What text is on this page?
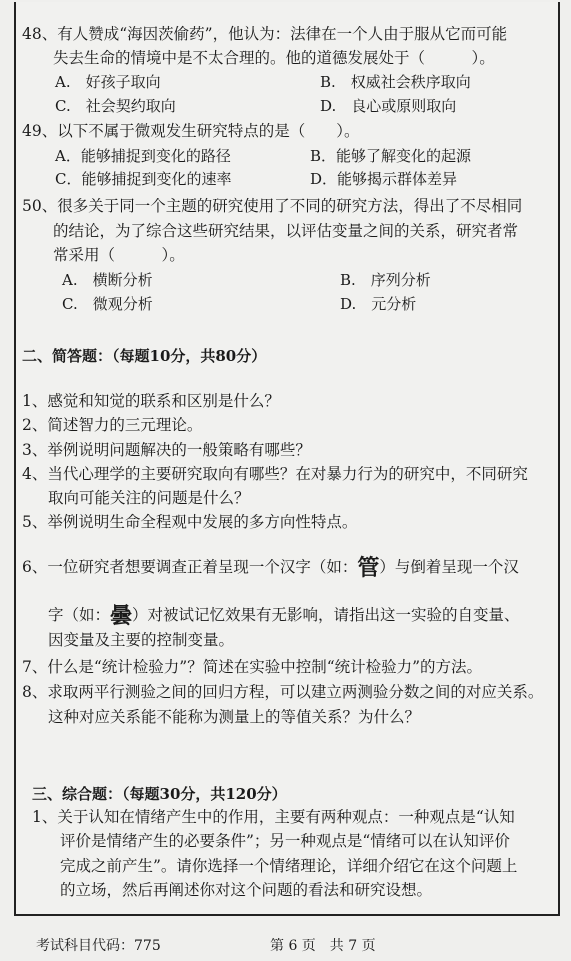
48、有人赞成“海因茨偷药”，他认为：法律在一个人由于服从它而可能
失去生命的情境中是不太合理的。他的道德发展处于（　　　）。
A.　好孩子取向	B.　权威社会秩序取向
C.　社会契约取向	D.　良心或原则取向
49、以下不属于微观发生研究特点的是（　　）。
A．能够捕捉到变化的路径	B．能够了解变化的起源
C．能够捕捉到变化的速率	D．能够揭示群体差异
50、很多关于同一个主题的研究使用了不同的研究方法，得出了不尽相同
的结论，为了综合这些研究结果，以评估变量之间的关系，研究者常
常采用（　　　）。
A.　横断分析	B.　序列分析
C.　微观分析	D.　元分析
二、简答题：（每题10分，共80分）
1、感觉和知觉的联系和区别是什么？
2、简述智力的三元理论。
3、举例说明问题解决的一般策略有哪些？
4、当代心理学的主要研究取向有哪些？在对暴力行为的研究中，不同研究
取向可能关注的问题是什么？
5、举例说明生命全程观中发展的多方向性特点。
6、一位研究者想要调查正着呈现一个汉字（如：管）与倒着呈现一个汉
字（如：曇）对被试记忆效果有无影响，请指出这一实验的自变量、
因变量及主要的控制变量。
7、什么是“统计检验力”？简述在实验中控制“统计检验力”的方法。
8、求取两平行测验之间的回归方程，可以建立两测验分数之间的对应关系。
这种对应关系能不能称为测量上的等值关系？为什么？
三、综合题：（每题30分，共120分）
1、关于认知在情绪产生中的作用，主要有两种观点：一种观点是“认知
评价是情绪产生的必要条件”；另一种观点是“情绪可以在认知评价
完成之前产生”。请你选择一个情绪理论，详细介绍它在这个问题上
的立场，然后再阐述你对这个问题的看法和研究设想。
考试科目代码：775	第 6 页　共 7 页
